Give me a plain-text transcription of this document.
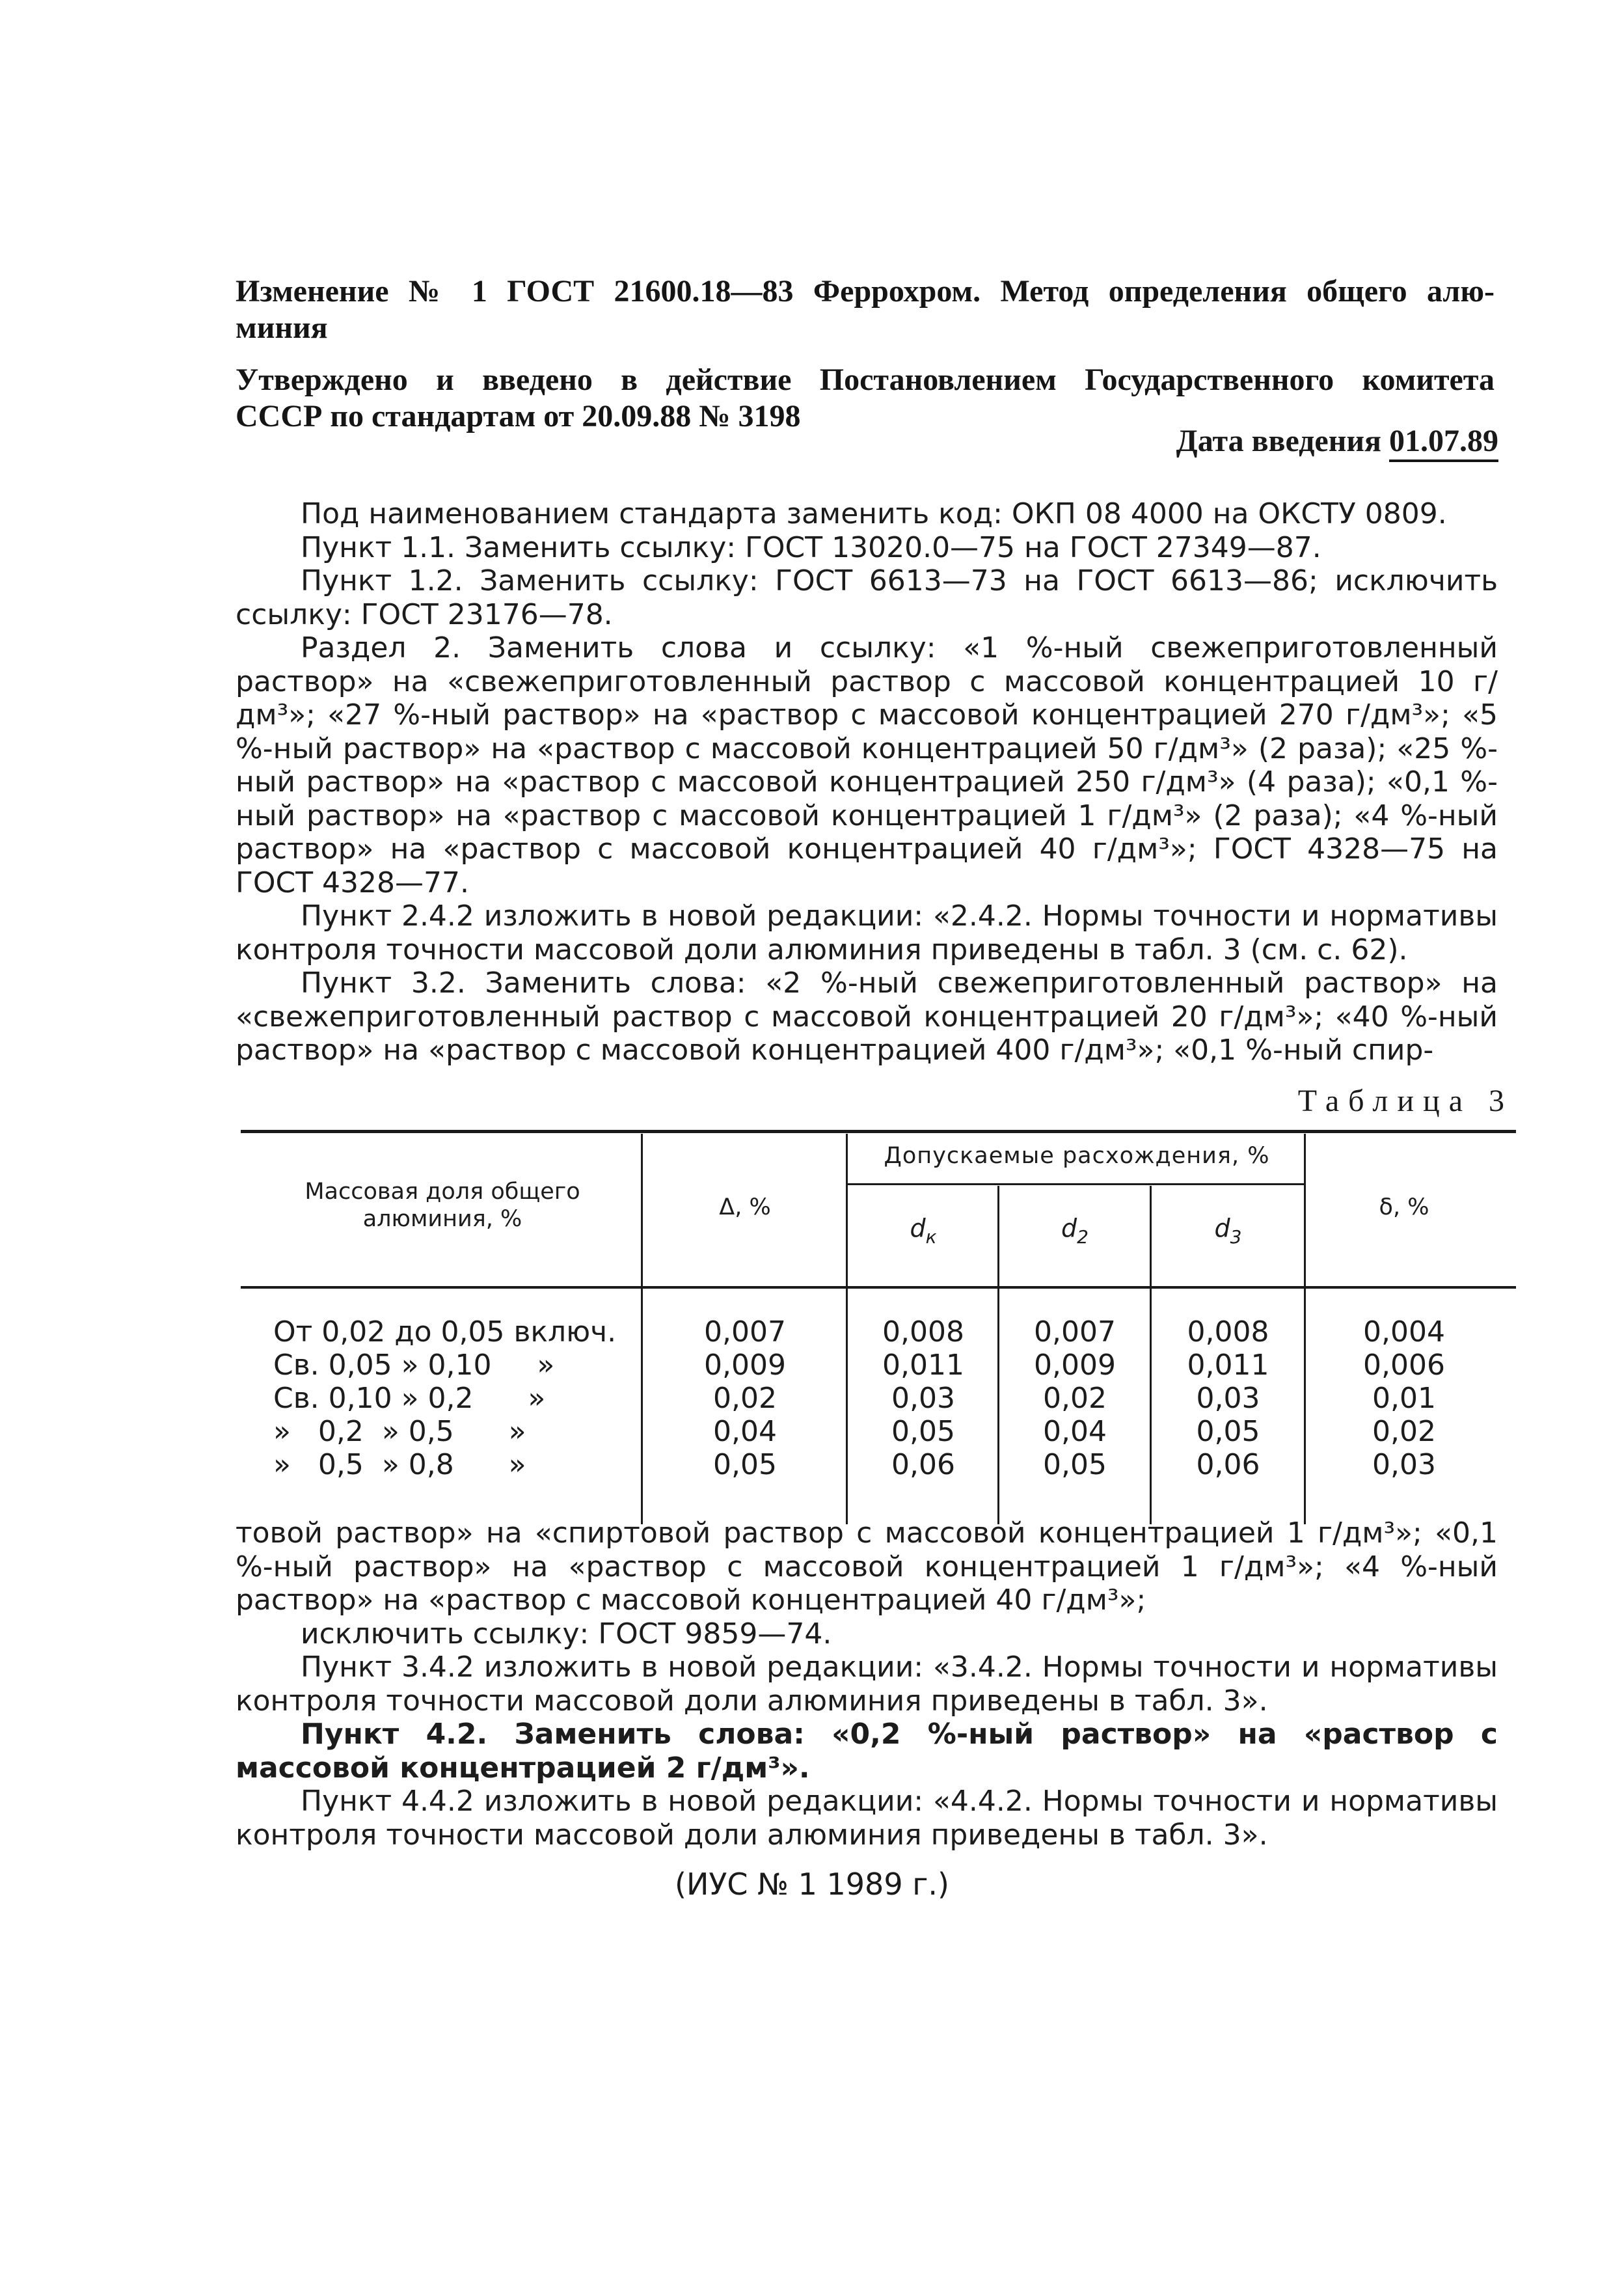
Изменение № 1 ГОСТ 21600.18—83 Феррохром. Метод определения общего алю-
миния
Утверждено и введено в действие Постановлением Государственного комитета
СССР по стандартам от 20.09.88 № 3198
Дата введения 01.07.89

Под наименованием стандарта заменить код: ОКП 08 4000 на ОКСТУ 0809.

Пункт 1.1. Заменить ссылку: ГОСТ 13020.0—75 на ГОСТ 27349—87.

Пункт 1.2. Заменить ссылку: ГОСТ 6613—73 на ГОСТ 6613—86; исключить ссылку: ГОСТ 23176—78.

Раздел 2. Заменить слова и ссылку: «1 %-ный свежеприготовленный раствор» на «свежеприготовленный раствор с массовой концентрацией 10 г/дм³»; «27 %-ный раствор» на «раствор с массовой концентрацией 270 г/дм³»; «5 %-ный раствор» на «раствор с массовой концентрацией 50 г/дм³» (2 раза); «25 %-ный раствор» на «раствор с массовой концентрацией 250 г/дм³» (4 раза); «0,1 %-ный раствор» на «раствор с массовой концентрацией 1 г/дм³» (2 раза); «4 %-ный раствор» на «раствор с массовой концентрацией 40 г/дм³»; ГОСТ 4328—75 на ГОСТ 4328—77.

Пункт 2.4.2 изложить в новой редакции: «2.4.2. Нормы точности и нормативы контроля точности массовой доли алюминия приведены в табл. 3 (см. с. 62).

Пункт 3.2. Заменить слова: «2 %-ный свежеприготовленный раствор» на «свежеприготовленный раствор с массовой концентрацией 20 г/дм³»; «40 %-ный раствор» на «раствор с массовой концентрацией 400 г/дм³»; «0,1 %-ный спир-

Таблица 3
Массовая доля общего алюминия, %	Δ, %
Допускаемые расхождения, %
$d_к$	$d_2$	$d_3$
δ, %
От 0,02 до 0,05 включ.	0,007	0,008	0,007	0,008	0,004
Св. 0,05 » 0,10     »	0,009	0,011	0,009	0,011	0,006
Св. 0,10 » 0,2      »	0,02	0,03	0,02	0,03	0,01
»   0,2  » 0,5      »	0,04	0,05	0,04	0,05	0,02
»   0,5  » 0,8      »	0,05	0,06	0,05	0,06	0,03

товой раствор» на «спиртовой раствор с массовой концентрацией 1 г/дм³»; «0,1 %-ный раствор» на «раствор с массовой концентрацией 1 г/дм³»; «4 %-ный раствор» на «раствор с массовой концентрацией 40 г/дм³»;

исключить ссылку: ГОСТ 9859—74.

Пункт 3.4.2 изложить в новой редакции: «3.4.2. Нормы точности и нормативы контроля точности массовой доли алюминия приведены в табл. 3».

Пункт 4.2. Заменить слова: «0,2 %-ный раствор» на «раствор с массовой концентрацией 2 г/дм³».

Пункт 4.4.2 изложить в новой редакции: «4.4.2. Нормы точности и нормативы контроля точности массовой доли алюминия приведены в табл. 3».

(ИУС № 1 1989 г.)
